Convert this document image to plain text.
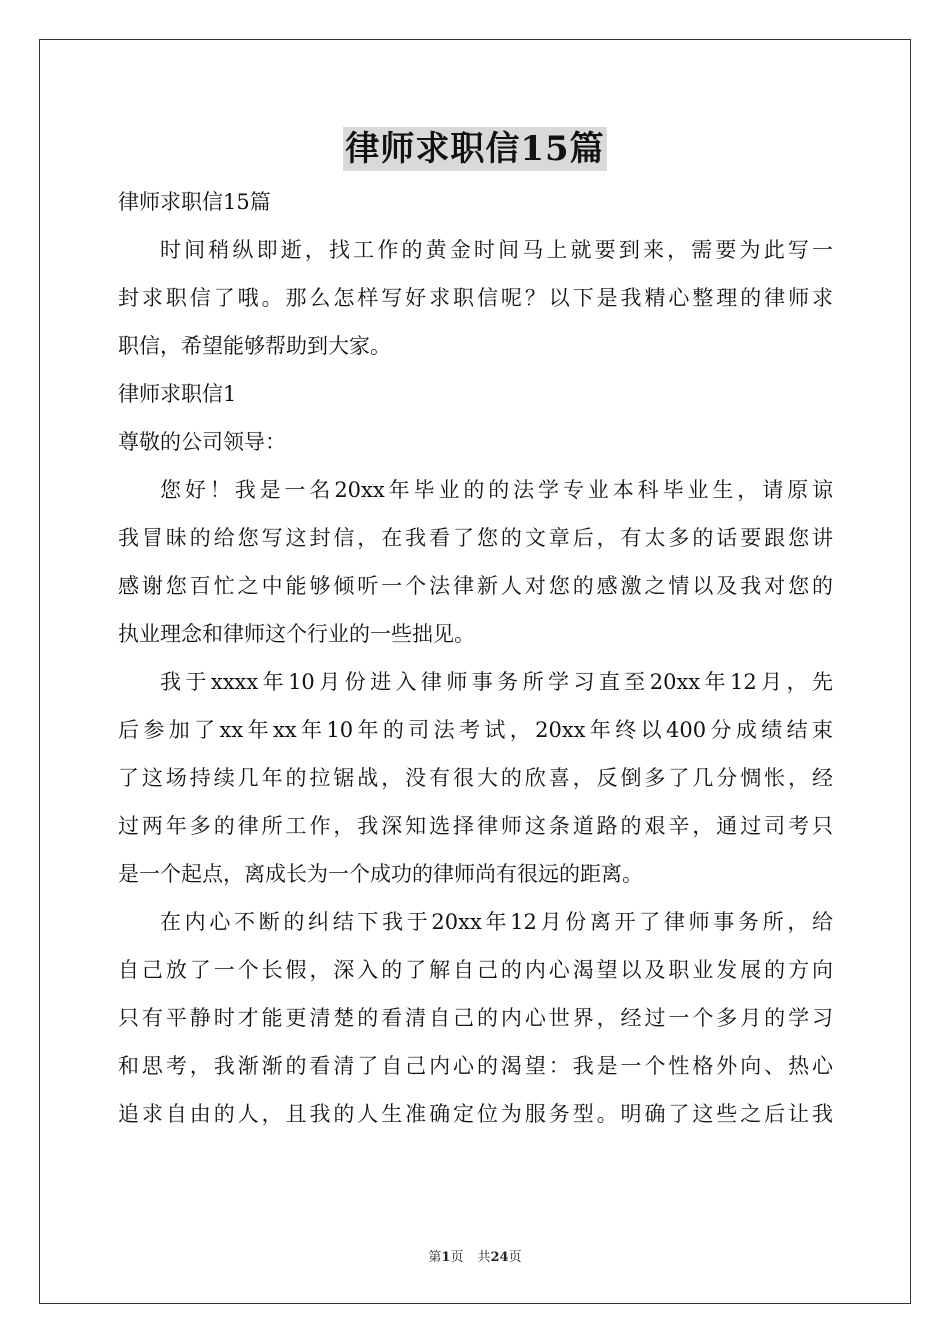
律师求职信15篇

律师求职信15篇

时间稍纵即逝，找工作的黄金时间马上就要到来，需要为此写一
封求职信了哦。那么怎样写好求职信呢？以下是我精心整理的律师求
职信，希望能够帮助到大家。

律师求职信1

尊敬的公司领导：

您好！我是一名20xx年毕业的的法学专业本科毕业生，请原谅
我冒昧的给您写这封信，在我看了您的文章后，有太多的话要跟您讲
感谢您百忙之中能够倾听一个法律新人对您的感激之情以及我对您的
执业理念和律师这个行业的一些拙见。

我于xxxx年10月份进入律师事务所学习直至20xx年12月，先
后参加了xx年xx年10年的司法考试，20xx年终以400分成绩结束
了这场持续几年的拉锯战，没有很大的欣喜，反倒多了几分惆怅，经
过两年多的律所工作，我深知选择律师这条道路的艰辛，通过司考只
是一个起点，离成长为一个成功的律师尚有很远的距离。

在内心不断的纠结下我于20xx年12月份离开了律师事务所，给
自己放了一个长假，深入的了解自己的内心渴望以及职业发展的方向
只有平静时才能更清楚的看清自己的内心世界，经过一个多月的学习
和思考，我渐渐的看清了自己内心的渴望：我是一个性格外向、热心
追求自由的人，且我的人生准确定位为服务型。明确了这些之后让我

第1页 共24页
